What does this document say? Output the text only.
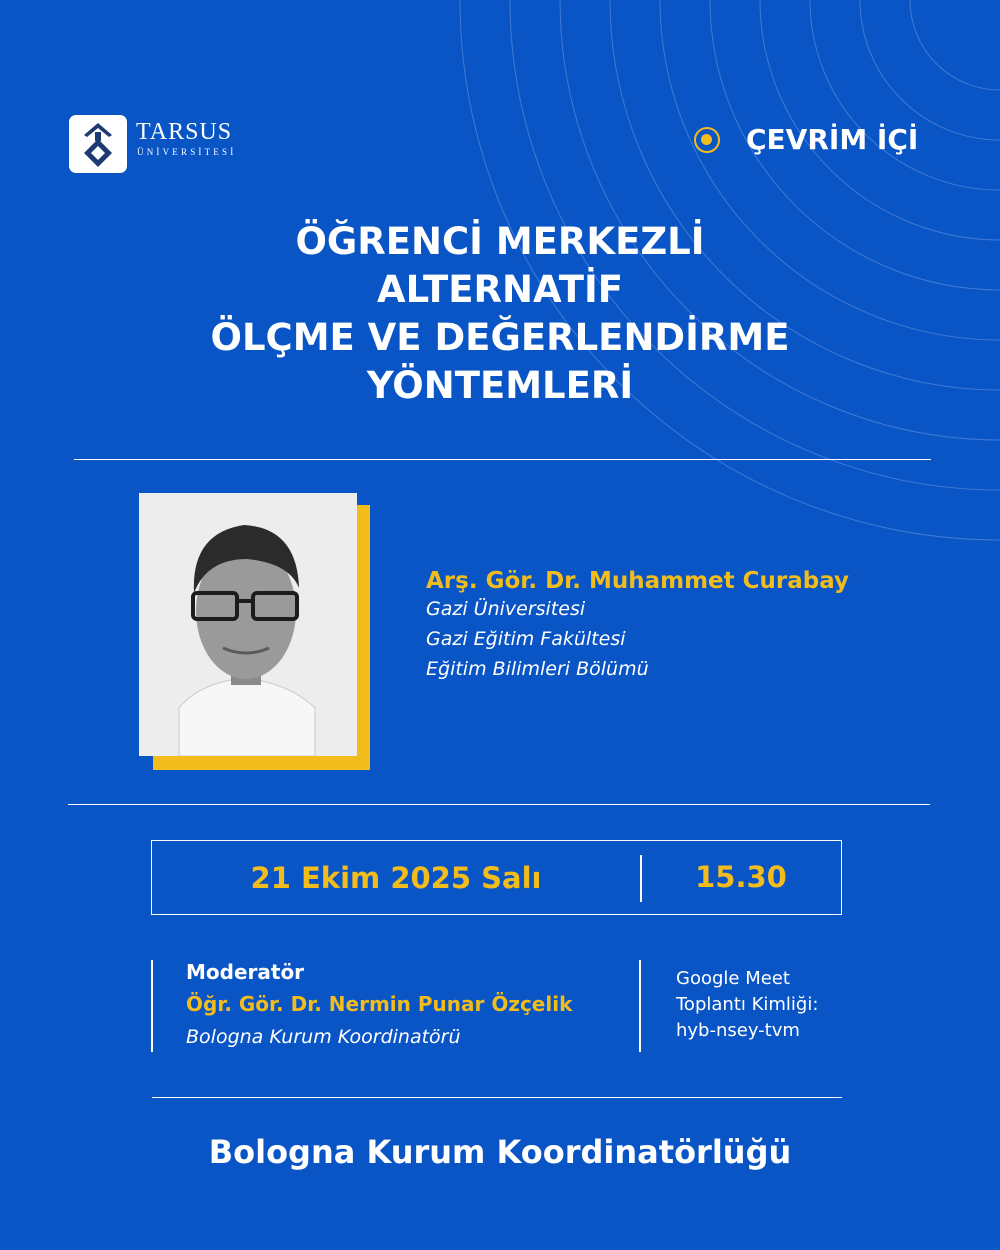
TARSUS
ÜNİVERSİTESİ	ÇEVRİM İÇİ
ÖĞRENCİ MERKEZLİ
ALTERNATİF
ÖLÇME VE DEĞERLENDİRME
YÖNTEMLERİ
Arş. Gör. Dr. Muhammet Curabay
Gazi Üniversitesi
Gazi Eğitim Fakültesi
Eğitim Bilimleri Bölümü
21 Ekim 2025 Salı	15.30
Moderatör
Öğr. Gör. Dr. Nermin Punar Özçelik
Bologna Kurum Koordinatörü
Google Meet
Toplantı Kimliği:
hyb-nsey-tvm
Bologna Kurum Koordinatörlüğü
